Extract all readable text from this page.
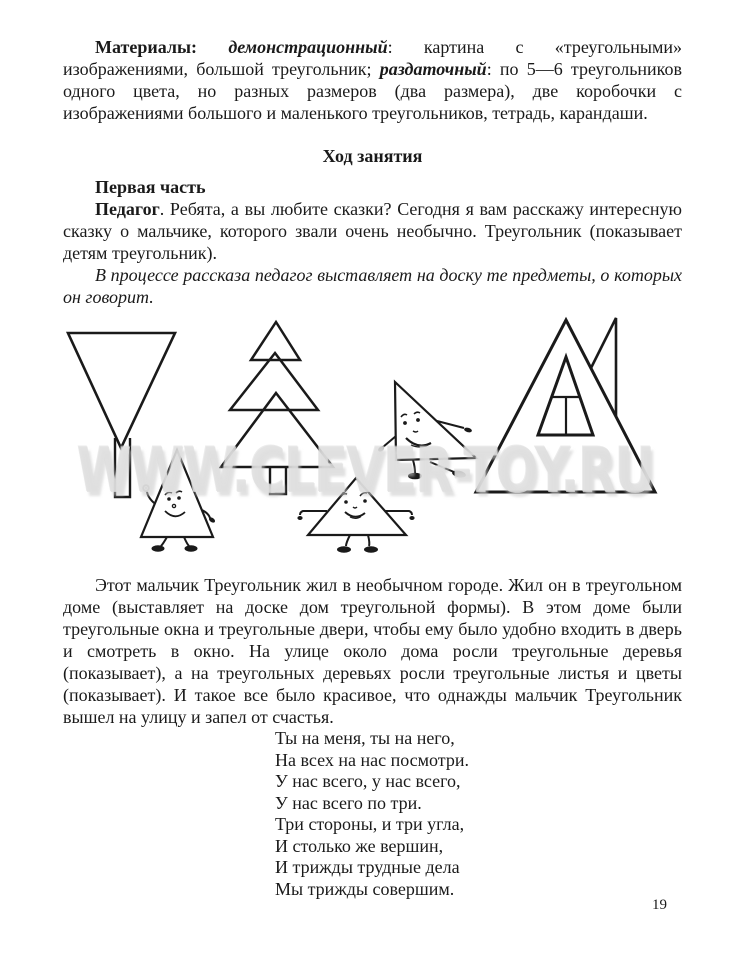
Материалы: демонстрационный: картина с «треугольными» изображениями, большой треугольник; раздаточный: по 5—6 треугольников одного цвета, но разных размеров (два размера), две коробочки с изображениями большого и маленького треугольников, тетрадь, карандаши.

Ход занятия

Первая часть

Педагог. Ребята, а вы любите сказки? Сегодня я вам расскажу интересную сказку о мальчике, которого звали очень необычно. Треугольник (показывает детям треугольник).

В процессе рассказа педагог выставляет на доску те предметы, о которых он говорит.

WWW.CLEVER-TOY.RU

Этот мальчик Треугольник жил в необычном городе. Жил он в треугольном доме (выставляет на доске дом треугольной формы). В этом доме были треугольные окна и треугольные двери, чтобы ему было удобно входить в дверь и смотреть в окно. На улице около дома росли треугольные деревья (показывает), а на треугольных деревьях росли треугольные листья и цветы (показывает). И такое все было красивое, что однажды мальчик Треугольник вышел на улицу и запел от счастья.

Ты на меня, ты на него,
На всех на нас посмотри.
У нас всего, у нас всего,
У нас всего по три.
Три стороны, и три угла,
И столько же вершин,
И трижды трудные дела
Мы трижды совершим.
19
